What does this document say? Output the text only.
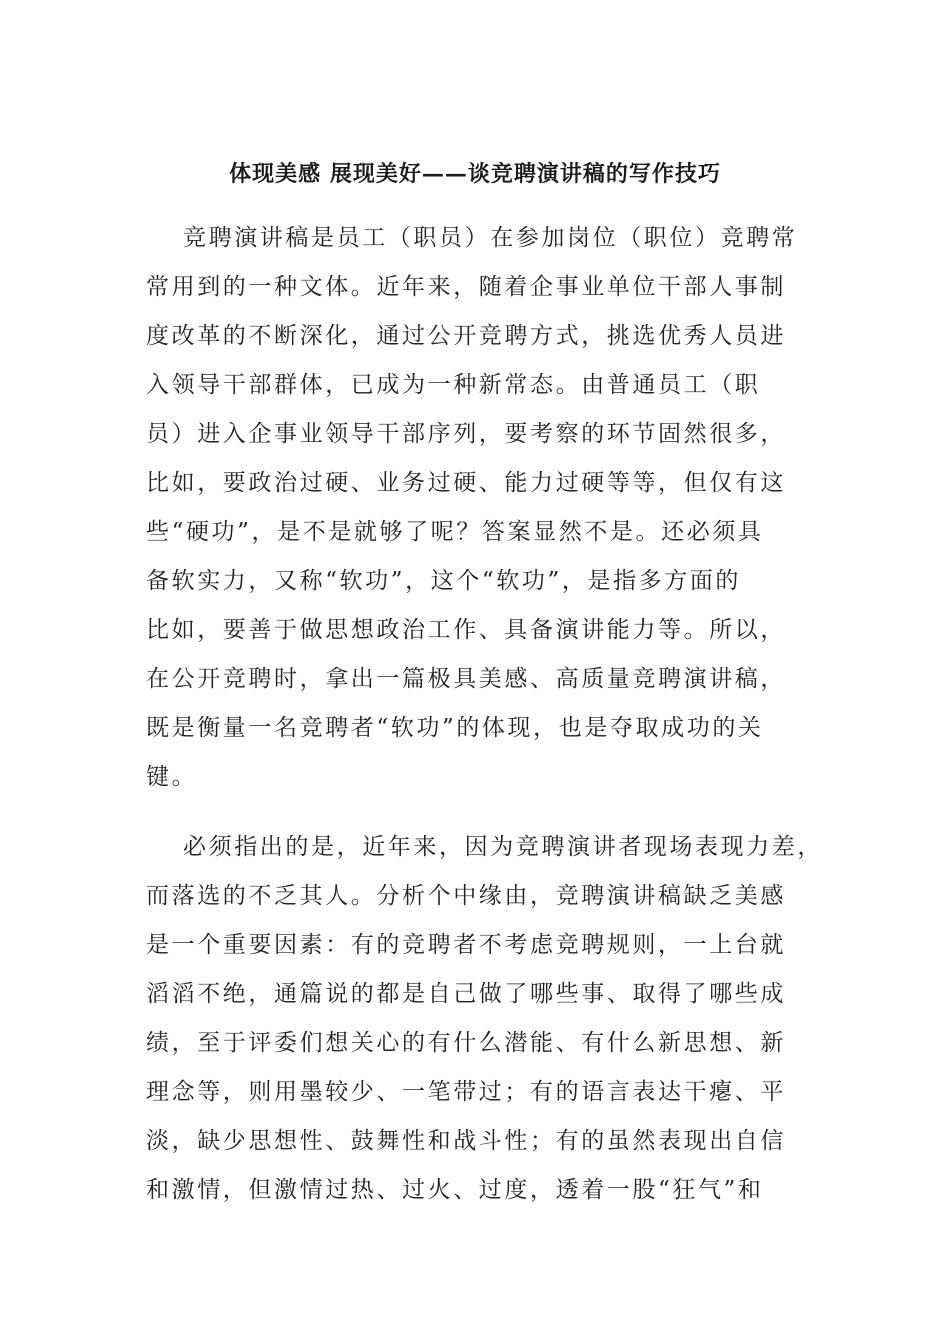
体现美感 展现美好——谈竞聘演讲稿的写作技巧
竞聘演讲稿是员工（职员）在参加岗位（职位）竞聘常
常用到的一种文体。近年来，随着企事业单位干部人事制
度改革的不断深化，通过公开竞聘方式，挑选优秀人员进
入领导干部群体，已成为一种新常态。由普通员工（职
员）进入企事业领导干部序列，要考察的环节固然很多，
比如，要政治过硬、业务过硬、能力过硬等等，但仅有这
些“硬功”，是不是就够了呢？答案显然不是。还必须具
备软实力，又称“软功”，这个“软功”，是指多方面的
比如，要善于做思想政治工作、具备演讲能力等。所以，
在公开竞聘时，拿出一篇极具美感、高质量竞聘演讲稿，
既是衡量一名竞聘者“软功”的体现，也是夺取成功的关
键。
必须指出的是，近年来，因为竞聘演讲者现场表现力差，
而落选的不乏其人。分析个中缘由，竞聘演讲稿缺乏美感
是一个重要因素：有的竞聘者不考虑竞聘规则，一上台就
滔滔不绝，通篇说的都是自己做了哪些事、取得了哪些成
绩，至于评委们想关心的有什么潜能、有什么新思想、新
理念等，则用墨较少、一笔带过；有的语言表达干瘪、平
淡，缺少思想性、鼓舞性和战斗性；有的虽然表现出自信
和激情，但激情过热、过火、过度，透着一股“狂气”和
